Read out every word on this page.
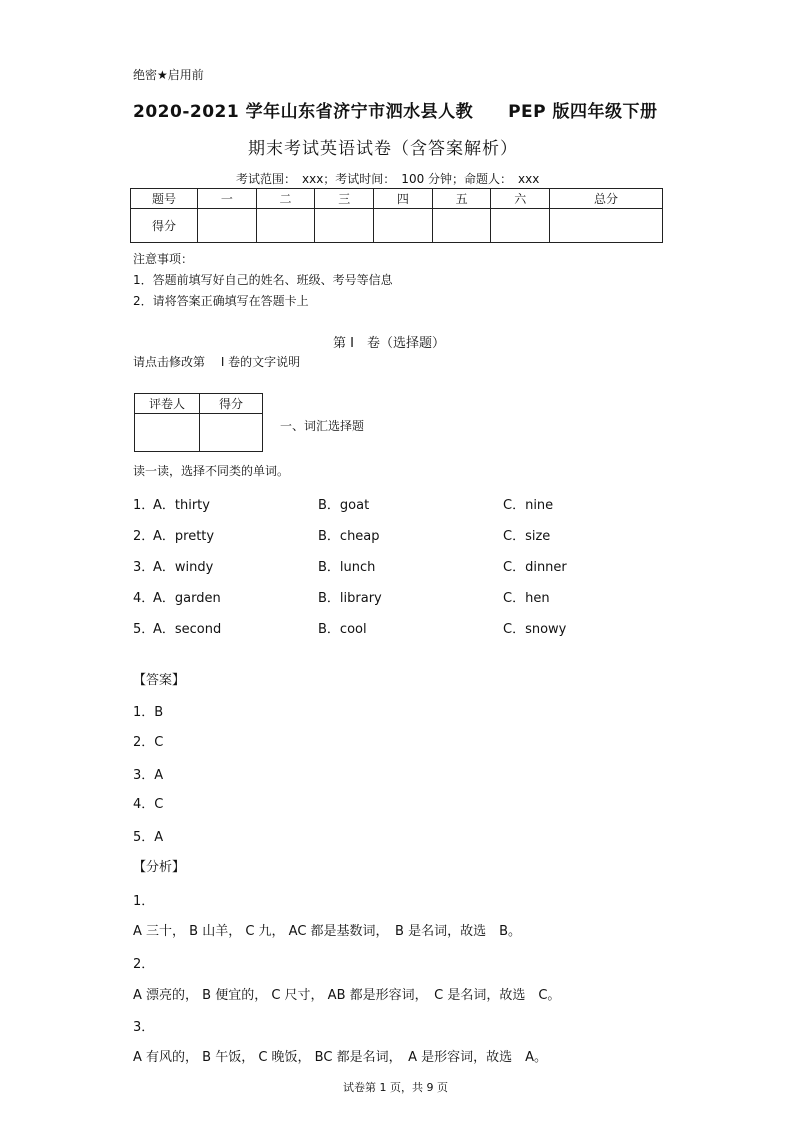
绝密★启用前
2020-2021 学年山东省济宁市泗水县人教　　PEP 版四年级下册
期末考试英语试卷（含答案解析）
考试范围：　xxx；考试时间：　100 分钟；命题人：　xxx
题号	一	二	三	四	五	六	总分
得分							
注意事项：
1．答题前填写好自己的姓名、班级、考号等信息
2．请将答案正确填写在答题卡上
第 I　卷（选择题）
请点击修改第　 I 卷的文字说明
评卷人	得分

一、词汇选择题
读一读，选择不同类的单词。
1．
A．thirty	B．goat	C．nine
2．
A．pretty	B．cheap	C．size
3．
A．windy	B．lunch	C．dinner
4．
A．garden	B．library	C．hen
5．
A．second	B．cool	C．snowy
【答案】
1．B
2．C
3．A
4．C
5．A
【分析】
1．
A 三十， B 山羊， C 九， AC 都是基数词，　B 是名词，故选　B。
2．
A 漂亮的， B 便宜的， C 尺寸， AB 都是形容词，　C 是名词，故选　C。
3．
A 有风的， B 午饭， C 晚饭， BC 都是名词，　A 是形容词，故选　A。
试卷第 1 页，共 9 页
